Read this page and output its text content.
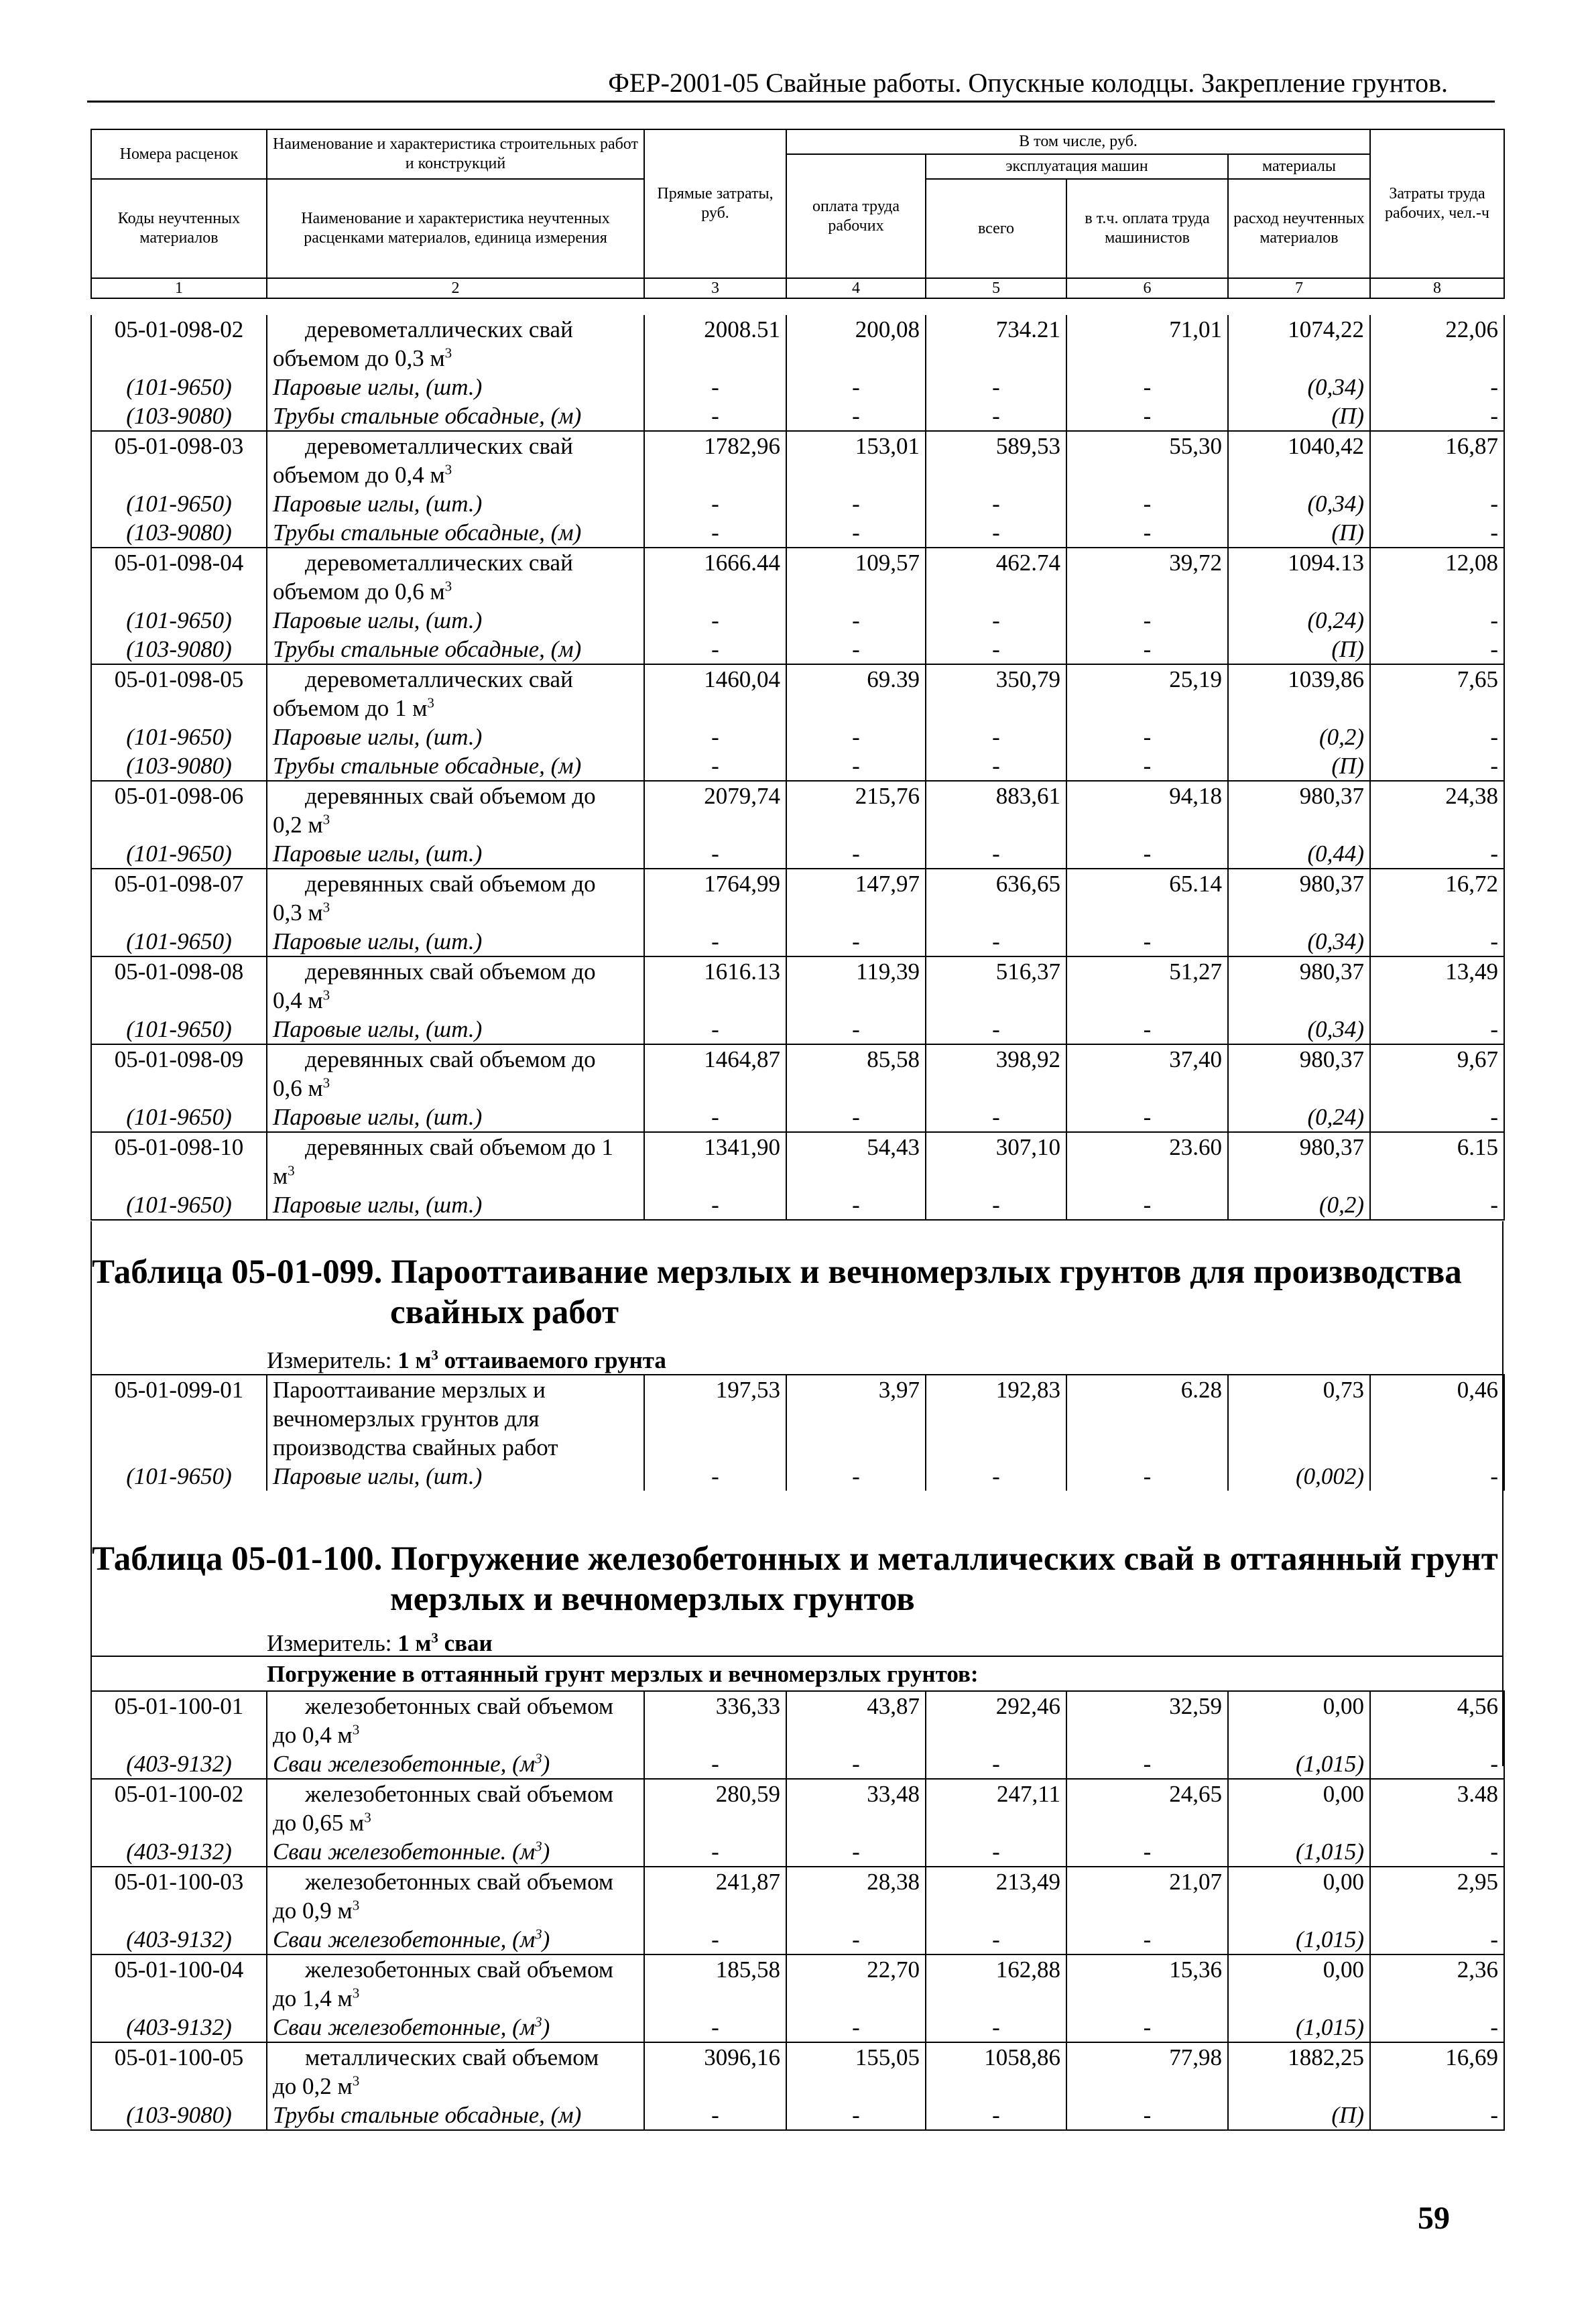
ФЕР-2001-05 Свайные работы. Опускные колодцы. Закрепление грунтов.
Номера расценок	Наименование и характеристика строительных работ и конструкций	Прямые затраты, руб.	В том числе, руб.				Затраты труда рабочих, чел.-ч
			оплата труда рабочих	эксплуатация машин		материалы	
Коды неучтенных материалов	Наименование и характеристика неучтенных расценками материалов, единица измерения			всего	в т.ч. оплата труда машинистов	расход неучтенных материалов	

1	2	3	4	5	6	7	8
05-01-098-02	деревометаллических свай
объемом до 0,3 $м^3$	2008.51	200,08	734.21	71,01	1074,22	22,06
(101-9650)	Паровые иглы, (шт.)	-	-	-	-	(0,34)	-
(103-9080)	Трубы стальные обсадные, (м)	-	-	-	-	(П)	-
05-01-098-03	деревометаллических свай
объемом до 0,4 $м^3$	1782,96	153,01	589,53	55,30	1040,42	16,87
(101-9650)	Паровые иглы, (шт.)	-	-	-	-	(0,34)	-
(103-9080)	Трубы стальные обсадные, (м)	-	-	-	-	(П)	-
05-01-098-04	деревометаллических свай
объемом до 0,6 $м^3$	1666.44	109,57	462.74	39,72	1094.13	12,08
(101-9650)	Паровые иглы, (шт.)	-	-	-	-	(0,24)	-
(103-9080)	Трубы стальные обсадные, (м)	-	-	-	-	(П)	-
05-01-098-05	деревометаллических свай
объемом до 1 $м^3$	1460,04	69.39	350,79	25,19	1039,86	7,65
(101-9650)	Паровые иглы, (шт.)	-	-	-	-	(0,2)	-
(103-9080)	Трубы стальные обсадные, (м)	-	-	-	-	(П)	-
05-01-098-06	деревянных свай объемом до
0,2 $м^3$	2079,74	215,76	883,61	94,18	980,37	24,38
(101-9650)	Паровые иглы, (шт.)	-	-	-	-	(0,44)	-
05-01-098-07	деревянных свай объемом до
0,3 $м^3$	1764,99	147,97	636,65	65.14	980,37	16,72
(101-9650)	Паровые иглы, (шт.)	-	-	-	-	(0,34)	-
05-01-098-08	деревянных свай объемом до
0,4 $м^3$	1616.13	119,39	516,37	51,27	980,37	13,49
(101-9650)	Паровые иглы, (шт.)	-	-	-	-	(0,34)	-
05-01-098-09	деревянных свай объемом до
0,6 $м^3$	1464,87	85,58	398,92	37,40	980,37	9,67
(101-9650)	Паровые иглы, (шт.)	-	-	-	-	(0,24)	-
05-01-098-10	деревянных свай объемом до 1
$м^3$	1341,90	54,43	307,10	23.60	980,37	6.15
(101-9650)	Паровые иглы, (шт.)	-	-	-	-	(0,2)	-
Таблица 05-01-099. Паро​оттаивание мерзлых и вечномерзлых грунтов для производства
свайных работ
Измеритель: 1 $м^3$ оттаиваемого грунта
05-01-099-01	Паро​оттаивание мерзлых и
вечномерзлых грунтов для
производства свайных работ	197,53	3,97	192,83	6.28	0,73	0,46
(101-9650)	Паровые иглы, (шт.)	-	-	-	-	(0,002)	-
Таблица 05-01-100. Погружение железобетонных и металлических свай в оттаянный грунт
мерзлых и вечномерзлых грунтов
Измеритель: 1 $м^3$ сваи
Погружение в оттаянный грунт мерзлых и вечномерзлых грунтов:
05-01-100-01	железобетонных свай объемом
до 0,4 $м^3$	336,33	43,87	292,46	32,59	0,00	4,56
(403-9132)	Сваи железобетонные, $(м^3)$	-	-	-	-	(1,015)	-
05-01-100-02	железобетонных свай объемом
до 0,65 $м^3$	280,59	33,48	247,11	24,65	0,00	3.48
(403-9132)	Сваи железобетонные. $(м^3)$	-	-	-	-	(1,015)	-
05-01-100-03	железобетонных свай объемом
до 0,9 $м^3$	241,87	28,38	213,49	21,07	0,00	2,95
(403-9132)	Сваи железобетонные, $(м^3)$	-	-	-	-	(1,015)	-
05-01-100-04	железобетонных свай объемом
до 1,4 $м^3$	185,58	22,70	162,88	15,36	0,00	2,36
(403-9132)	Сваи железобетонные, $(м^3)$	-	-	-	-	(1,015)	-
05-01-100-05	металлических свай объемом
до 0,2 $м^3$	3096,16	155,05	1058,86	77,98	1882,25	16,69
(103-9080)	Трубы стальные обсадные, (м)	-	-	-	-	(П)	-
59
